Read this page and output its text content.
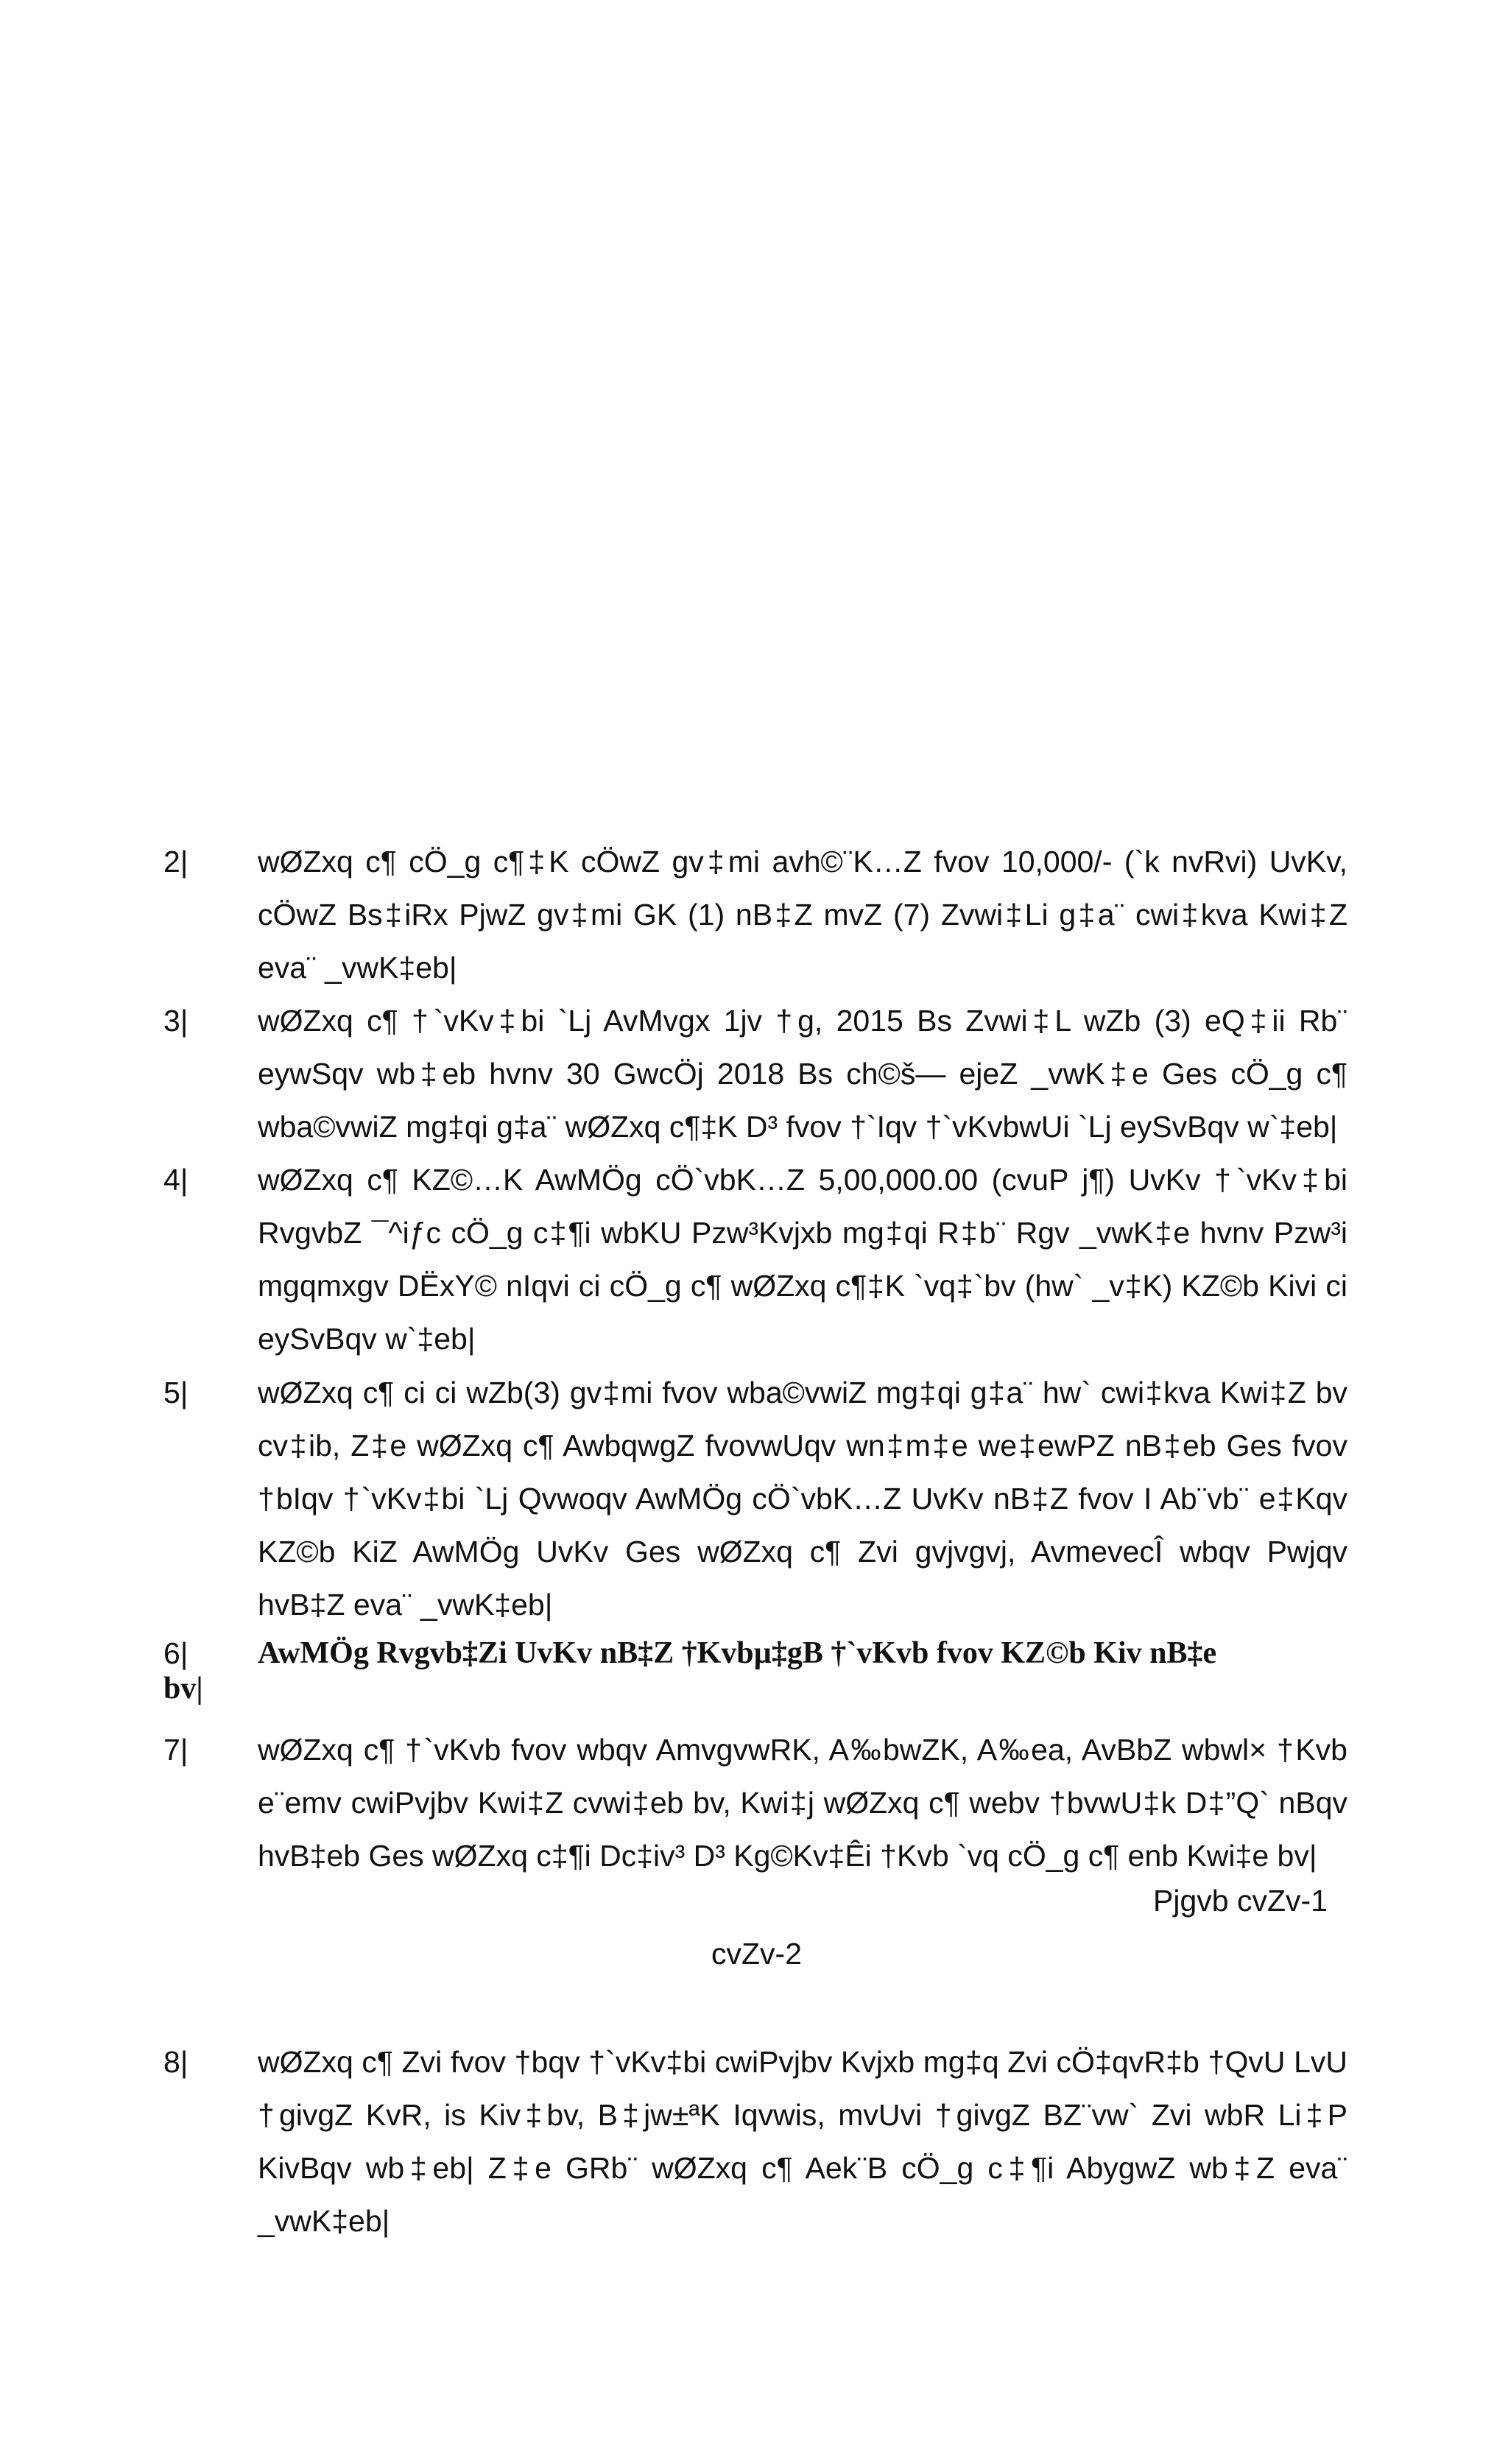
2|	wØZxq c¶ cÖ_g c¶‡K cÖwZ gv‡mi avh©¨K…Z fvov 10,000/- (`k nvRvi) UvKv, cÖwZ Bs‡iRx PjwZ gv‡mi GK (1) nB‡Z mvZ (7) Zvwi‡Li g‡a¨ cwi‡kva Kwi‡Z eva¨ _vwK‡eb|
3|	wØZxq c¶ †`vKv‡bi `Lj AvMvgx 1jv †g, 2015 Bs Zvwi‡L wZb (3) eQ‡ii Rb¨ eywSqv wb‡eb hvnv 30 GwcÖj 2018 Bs ch©š— ejeZ _vwK‡e Ges cÖ_g c¶ wba©vwiZ mg‡qi g‡a¨ wØZxq c¶‡K D³ fvov †`Iqv †`vKvbwUi `Lj eySvBqv w`‡eb|
4|	wØZxq c¶ KZ©…K AwMÖg cÖ`vbK…Z 5,00,000.00 (cvuP j¶) UvKv †`vKv‡bi RvgvbZ ¯^iƒc cÖ_g c‡¶i wbKU Pzw³Kvjxb mg‡qi R‡b¨ Rgv _vwK‡e hvnv Pzw³i mgqmxgv DËxY© nIqvi ci cÖ_g c¶ wØZxq c¶‡K `vq‡`bv (hw` _v‡K) KZ©b Kivi ci eySvBqv w`‡eb|
5|	wØZxq c¶ ci ci wZb(3) gv‡mi fvov wba©vwiZ mg‡qi g‡a¨ hw` cwi‡kva Kwi‡Z bv cv‡ib, Z‡e wØZxq c¶ AwbqwgZ fvovwUqv wn‡m‡e we‡ewPZ nB‡eb Ges fvov †bIqv †`vKv‡bi `Lj Qvwoqv AwMÖg cÖ`vbK…Z UvKv nB‡Z fvov I Ab¨vb¨ e‡Kqv KZ©b KiZ AwMÖg UvKv Ges wØZxq c¶ Zvi gvjvgvj, AvmevecÎ wbqv Pwjqv hvB‡Z eva¨ _vwK‡eb|
6|	AwMÖg Rvgvb‡Zi UvKv nB‡Z †Kvbµ‡gB †`vKvb fvov KZ©b Kiv nB‡e
bv|
7|	wØZxq c¶ †`vKvb fvov wbqv AmvgvwRK, A‰bwZK, A‰ea, AvBbZ wbwl× †Kvb e¨emv cwiPvjbv Kwi‡Z cvwi‡eb bv, Kwi‡j wØZxq c¶ webv †bvwU‡k D‡”Q` nBqv hvB‡eb Ges wØZxq c‡¶i Dc‡iv³ D³ Kg©Kv‡Êi †Kvb `vq cÖ_g c¶ enb Kwi‡e bv|
Pjgvb cvZv-1
cvZv-2
8|	wØZxq c¶ Zvi fvov †bqv †`vKv‡bi cwiPvjbv Kvjxb mg‡q Zvi cÖ‡qvR‡b †QvU LvU †givgZ KvR, is Kiv‡bv, B‡jw±ªK Iqvwis, mvUvi †givgZ BZ¨vw` Zvi wbR Li‡P KivBqv wb‡eb| Z‡e GRb¨ wØZxq c¶ Aek¨B cÖ_g c‡¶i AbygwZ wb‡Z eva¨ _vwK‡eb|
